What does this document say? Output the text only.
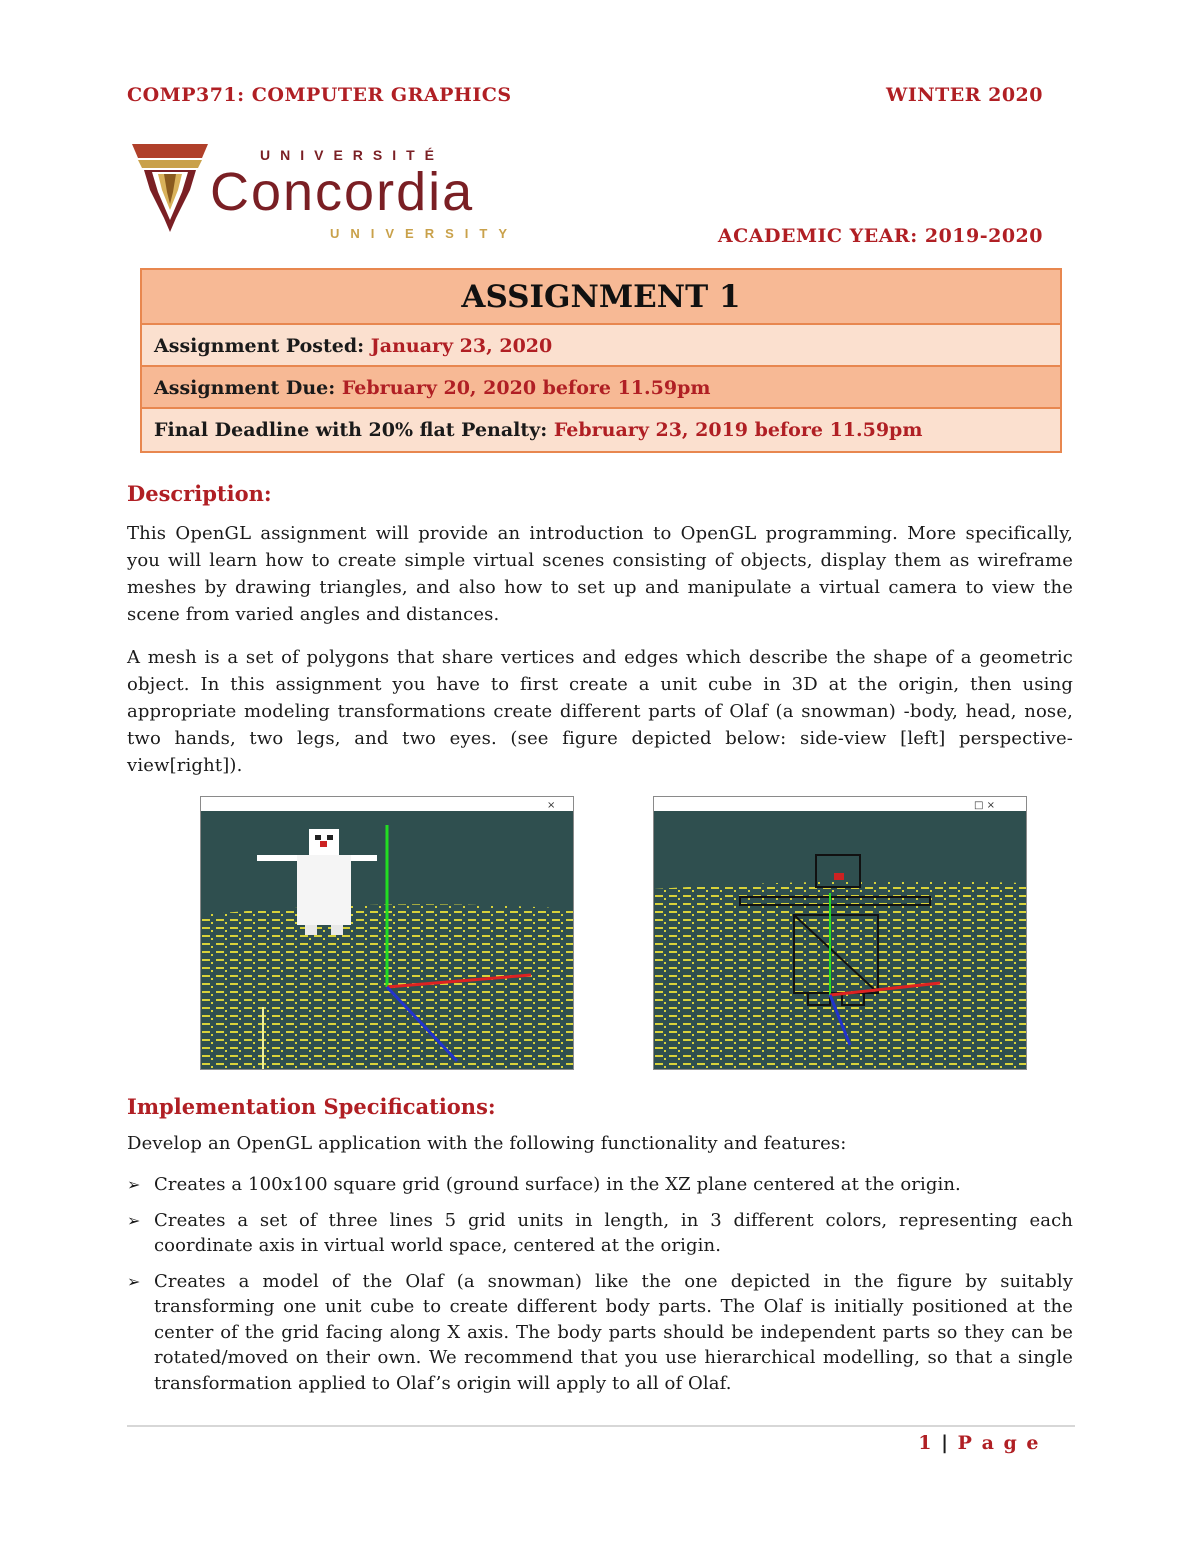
COMP371: COMPUTER GRAPHICS	WINTER 2020
UNIVERSITÉ
Concordia
UNIVERSITY	ACADEMIC YEAR: 2019-2020
ASSIGNMENT 1
Assignment Posted: January 23, 2020
Assignment Due: February 20, 2020 before 11.59pm
Final Deadline with 20% flat Penalty: February 23, 2019 before 11.59pm
Description:
This OpenGL assignment will provide an introduction to OpenGL programming. More specifically, you will learn how to create simple virtual scenes consisting of objects, display them as wireframe meshes by drawing triangles, and also how to set up and manipulate a virtual camera to view the scene from varied angles and distances.
A mesh is a set of polygons that share vertices and edges which describe the shape of a geometric object. In this assignment you have to first create a unit cube in 3D at the origin, then using appropriate modeling transformations create different parts of Olaf (a snowman) -body, head, nose, two hands, two legs, and two eyes. (see figure depicted below: side-view [left] perspective-view[right]).
× ‍	□ ×
Implementation Specifications:
Develop an OpenGL application with the following functionality and features:
➢ Creates a 100x100 square grid (ground surface) in the XZ plane centered at the origin.
➢ Creates a set of three lines 5 grid units in length, in 3 different colors, representing each coordinate axis in virtual world space, centered at the origin.
➢ Creates a model of the Olaf (a snowman) like the one depicted in the figure by suitably transforming one unit cube to create different body parts. The Olaf is initially positioned at the center of the grid facing along X axis. The body parts should be independent parts so they can be rotated/moved on their own. We recommend that you use hierarchical modelling, so that a single transformation applied to Olaf’s origin will apply to all of Olaf.
1 | P a g e
